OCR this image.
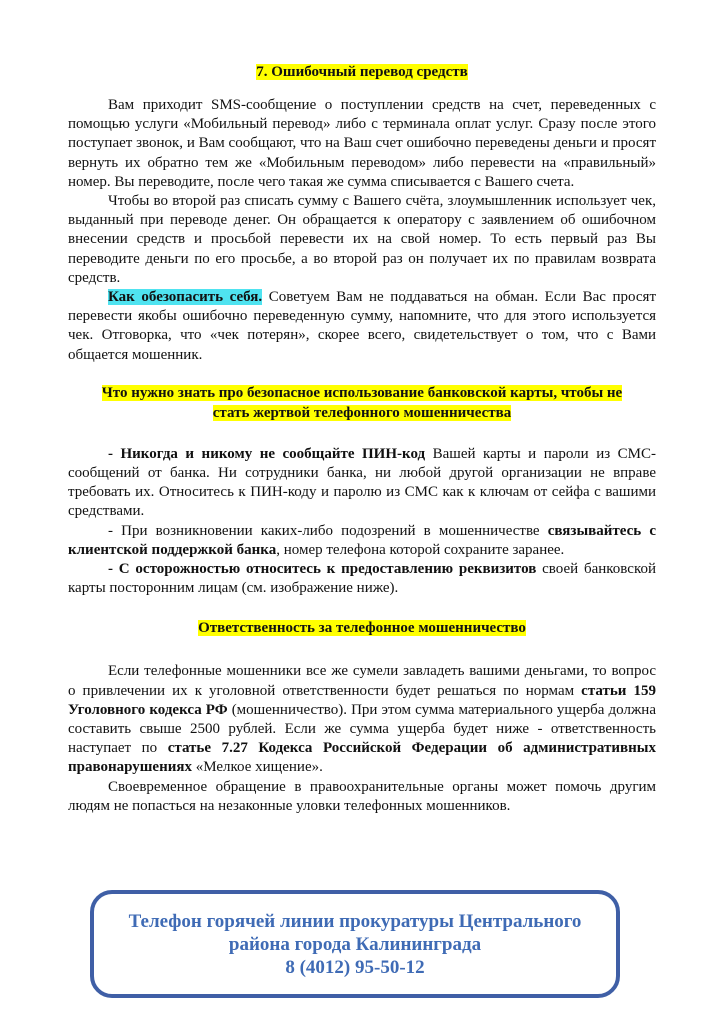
7. Ошибочный перевод средств

Вам приходит SMS-сообщение о поступлении средств на счет, переведенных с помощью услуги «Мобильный перевод» либо с терминала оплат услуг. Сразу после этого поступает звонок, и Вам сообщают, что на Ваш счет ошибочно переведены деньги и просят вернуть их обратно тем же «Мобильным переводом» либо перевести на «правильный» номер. Вы переводите, после чего такая же сумма списывается с Вашего счета.

Чтобы во второй раз списать сумму с Вашего счёта, злоумышленник использует чек, выданный при переводе денег. Он обращается к оператору с заявлением об ошибочном внесении средств и просьбой перевести их на свой номер. То есть первый раз Вы переводите деньги по его просьбе, а во второй раз он получает их по правилам возврата средств.

Как обезопасить себя. Советуем Вам не поддаваться на обман. Если Вас просят перевести якобы ошибочно переведенную сумму, напомните, что для этого используется чек. Отговорка, что «чек потерян», скорее всего, свидетельствует о том, что с Вами общается мошенник.

Что нужно знать про безопасное использование банковской карты, чтобы не
стать жертвой телефонного мошенничества

- Никогда и никому не сообщайте ПИН-код Вашей карты и пароли из СМС-сообщений от банка. Ни сотрудники банка, ни любой другой организации не вправе требовать их. Относитесь к ПИН-коду и паролю из СМС как к ключам от сейфа с вашими средствами.

- При возникновении каких-либо подозрений в мошенничестве связывайтесь с клиентской поддержкой банка, номер телефона которой сохраните заранее.

- С осторожностью относитесь к предоставлению реквизитов своей банковской карты посторонним лицам (см. изображение ниже).

Ответственность за телефонное мошенничество

Если телефонные мошенники все же сумели завладеть вашими деньгами, то вопрос о привлечении их к уголовной ответственности будет решаться по нормам статьи 159 Уголовного кодекса РФ (мошенничество). При этом сумма материального ущерба должна составить свыше 2500 рублей. Если же сумма ущерба будет ниже - ответственность наступает по статье 7.27 Кодекса Российской Федерации об административных правонарушениях «Мелкое хищение».

Своевременное обращение в правоохранительные органы может помочь другим людям не попасться на незаконные уловки телефонных мошенников.

Телефон горячей линии прокуратуры Центрального
района города Калининграда
8 (4012) 95-50-12
